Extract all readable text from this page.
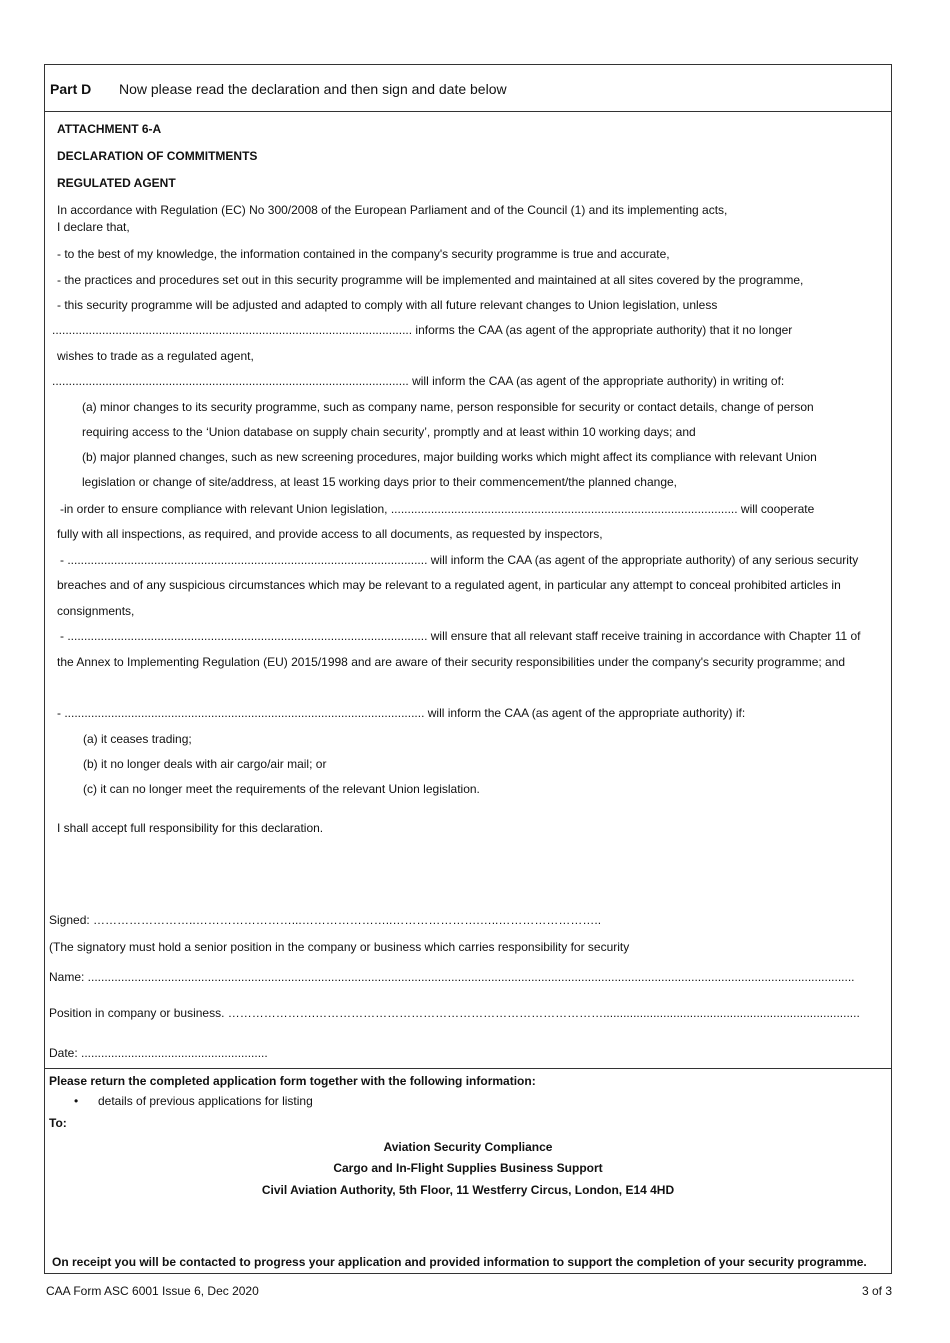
Part D Now please read the declaration and then sign and date below
ATTACHMENT 6-A
DECLARATION OF COMMITMENTS
REGULATED AGENT
In accordance with Regulation (EC) No 300/2008 of the European Parliament and of the Council (1) and its implementing acts,
I declare that,
- to the best of my knowledge, the information contained in the company's security programme is true and accurate,
- the practices and procedures set out in this security programme will be implemented and maintained at all sites covered by the programme,
- this security programme will be adjusted and adapted to comply with all future relevant changes to Union legislation, unless
............................................................................................................ informs the CAA (as agent of the appropriate authority) that it no longer
wishes to trade as a regulated agent,
........................................................................................................... will inform the CAA (as agent of the appropriate authority) in writing of:
(a) minor changes to its security programme, such as company name, person responsible for security or contact details, change of person
requiring access to the ‘Union database on supply chain security’, promptly and at least within 10 working days; and
(b) major planned changes, such as new screening procedures, major building works which might affect its compliance with relevant Union
legislation or change of site/address, at least 15 working days prior to their commencement/the planned change,
-in order to ensure compliance with relevant Union legislation, ........................................................................................................ will cooperate
fully with all inspections, as required, and provide access to all documents, as requested by inspectors,
- ............................................................................................................ will inform the CAA (as agent of the appropriate authority) of any serious security
breaches and of any suspicious circumstances which may be relevant to a regulated agent, in particular any attempt to conceal prohibited articles in
consignments,
- ............................................................................................................ will ensure that all relevant staff receive training in accordance with Chapter 11 of
the Annex to Implementing Regulation (EU) 2015/1998 and are aware of their security responsibilities under the company's security programme; and
- ............................................................................................................ will inform the CAA (as agent of the appropriate authority) if:
(a) it ceases trading;
(b) it no longer deals with air cargo/air mail; or
(c) it can no longer meet the requirements of the relevant Union legislation.
I shall accept full responsibility for this declaration.
Signed: ……………………..……………………...…………………..………………….…..……………………..
(The signatory must hold a senior position in the company or business which carries responsibility for security
Name: ......................................................................................................................................................................................................................................
Position in company or business. ………………….……………………………………………………………….............................................................................
Date: ........................................................
Please return the completed application form together with the following information:
• details of previous applications for listing
To:
Aviation Security Compliance
Cargo and In-Flight Supplies Business Support
Civil Aviation Authority, 5th Floor, 11 Westferry Circus, London, E14 4HD
On receipt you will be contacted to progress your application and provided information to support the completion of your security programme.
CAA Form ASC 6001 Issue 6, Dec 2020	3 of 3
